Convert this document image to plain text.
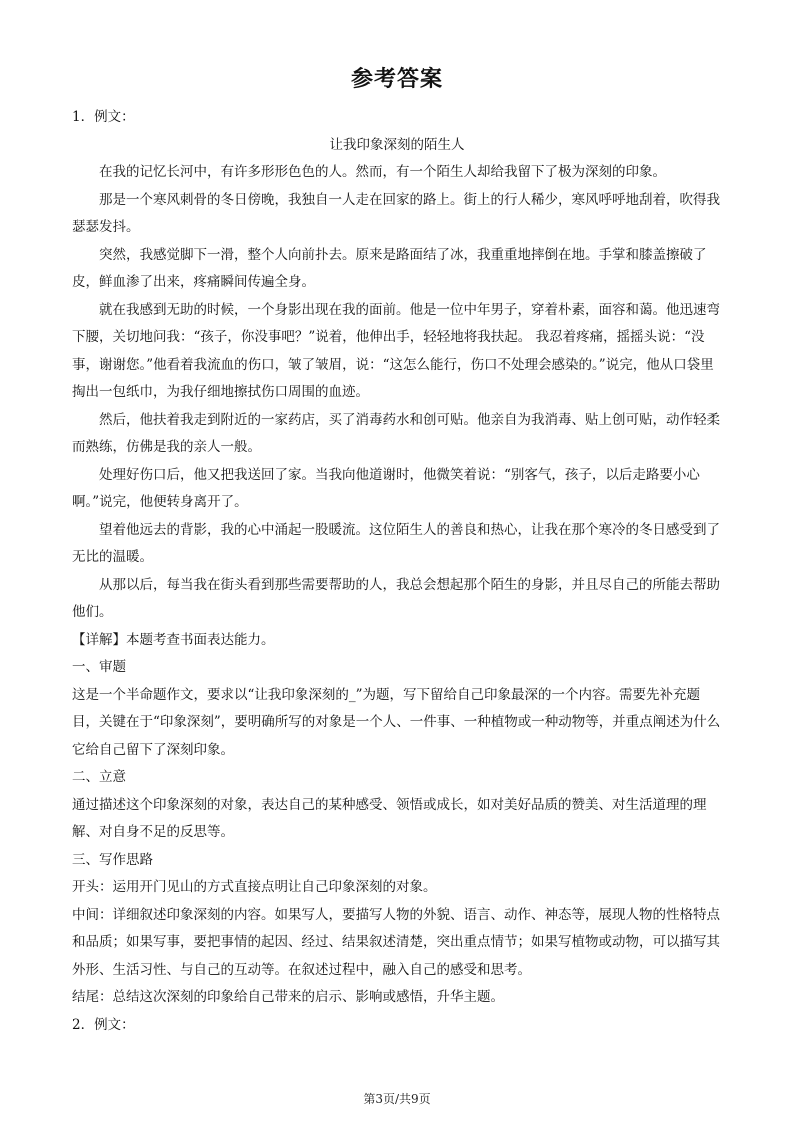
参考答案

1．例文：

让我印象深刻的陌生人

在我的记忆长河中，有许多形形色色的人。然而，有一个陌生人却给我留下了极为深刻的印象。

那是一个寒风刺骨的冬日傍晚，我独自一人走在回家的路上。街上的行人稀少，寒风呼呼地刮着，吹得我瑟瑟发抖。

突然，我感觉脚下一滑，整个人向前扑去。原来是路面结了冰，我重重地摔倒在地。手掌和膝盖擦破了皮，鲜血渗了出来，疼痛瞬间传遍全身。

就在我感到无助的时候，一个身影出现在我的面前。他是一位中年男子，穿着朴素，面容和蔼。他迅速弯下腰，关切地问我：“孩子，你没事吧？”说着，他伸出手，轻轻地将我扶起。 我忍着疼痛，摇摇头说：“没事，谢谢您。”他看着我流血的伤口，皱了皱眉，说：“这怎么能行，伤口不处理会感染的。”说完，他从口袋里掏出一包纸巾，为我仔细地擦拭伤口周围的血迹。

然后，他扶着我走到附近的一家药店，买了消毒药水和创可贴。他亲自为我消毒、贴上创可贴，动作轻柔而熟练，仿佛是我的亲人一般。

处理好伤口后，他又把我送回了家。当我向他道谢时，他微笑着说：“别客气，孩子，以后走路要小心啊。”说完，他便转身离开了。

望着他远去的背影，我的心中涌起一股暖流。这位陌生人的善良和热心，让我在那个寒冷的冬日感受到了无比的温暖。

从那以后，每当我在街头看到那些需要帮助的人，我总会想起那个陌生的身影，并且尽自己的所能去帮助他们。

【详解】本题考查书面表达能力。

一、审题

这是一个半命题作文，要求以“让我印象深刻的_”为题，写下留给自己印象最深的一个内容。需要先补充题目，关键在于“印象深刻”，要明确所写的对象是一个人、一件事、一种植物或一种动物等，并重点阐述为什么它给自己留下了深刻印象。

二、立意

通过描述这个印象深刻的对象，表达自己的某种感受、领悟或成长，如对美好品质的赞美、对生活道理的理解、对自身不足的反思等。

三、写作思路

开头：运用开门见山的方式直接点明让自己印象深刻的对象。

中间：详细叙述印象深刻的内容。如果写人，要描写人物的外貌、语言、动作、神态等，展现人物的性格特点和品质；如果写事，要把事情的起因、经过、结果叙述清楚，突出重点情节；如果写植物或动物，可以描写其外形、生活习性、与自己的互动等。在叙述过程中，融入自己的感受和思考。

结尾：总结这次深刻的印象给自己带来的启示、影响或感悟，升华主题。

2．例文：

第3页/共9页
